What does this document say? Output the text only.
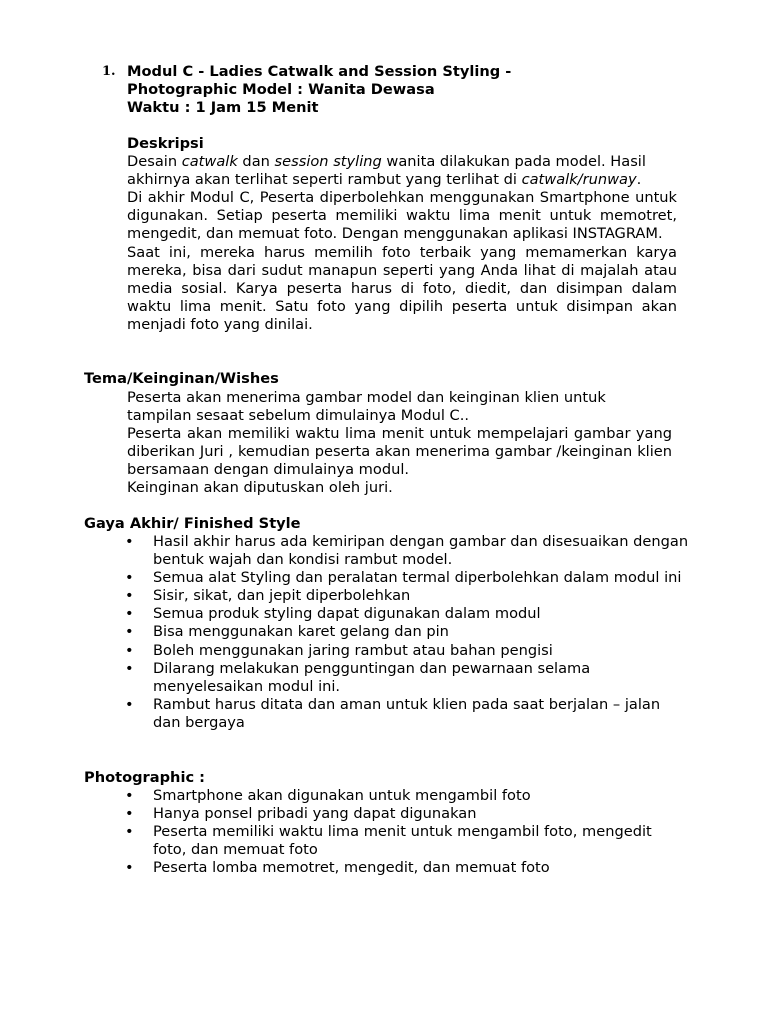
1. Modul C - Ladies Catwalk and Session Styling -
Photographic Model : Wanita Dewasa
Waktu : 1 Jam 15 Menit

Deskripsi

Desain catwalk dan session styling wanita dilakukan pada model. Hasil akhirnya akan terlihat seperti rambut yang terlihat di catwalk/runway.

Di akhir Modul C, Peserta diperbolehkan menggunakan Smartphone untuk digunakan. Setiap peserta memiliki waktu lima menit untuk memotret, mengedit, dan memuat foto. Dengan menggunakan aplikasi INSTAGRAM.

Saat ini, mereka harus memilih foto terbaik yang memamerkan karya mereka, bisa dari sudut manapun seperti yang Anda lihat di majalah atau media sosial. Karya peserta harus di foto, diedit, dan disimpan dalam waktu lima menit. Satu foto yang dipilih peserta untuk disimpan akan menjadi foto yang dinilai.

Tema/Keinginan/Wishes

Peserta akan menerima gambar model dan keinginan klien untuk tampilan sesaat sebelum dimulainya Modul C..

Peserta akan memiliki waktu lima menit untuk mempelajari gambar yang diberikan Juri , kemudian peserta akan menerima gambar /keinginan klien bersamaan dengan dimulainya modul.

Keinginan akan diputuskan oleh juri.

Gaya Akhir/ Finished Style
• Hasil akhir harus ada kemiripan dengan gambar dan disesuaikan dengan bentuk wajah dan kondisi rambut model.
• Semua alat Styling dan peralatan termal diperbolehkan dalam modul ini
• Sisir, sikat, dan jepit diperbolehkan
• Semua produk styling dapat digunakan dalam modul
• Bisa menggunakan karet gelang dan pin
• Boleh menggunakan jaring rambut atau bahan pengisi
• Dilarang melakukan pengguntingan dan pewarnaan selama menyelesaikan modul ini.
• Rambut harus ditata dan aman untuk klien pada saat berjalan – jalan dan bergaya
Photographic :
• Smartphone akan digunakan untuk mengambil foto
• Hanya ponsel pribadi yang dapat digunakan
• Peserta memiliki waktu lima menit untuk mengambil foto, mengedit foto, dan memuat foto
• Peserta lomba memotret, mengedit, dan memuat foto
